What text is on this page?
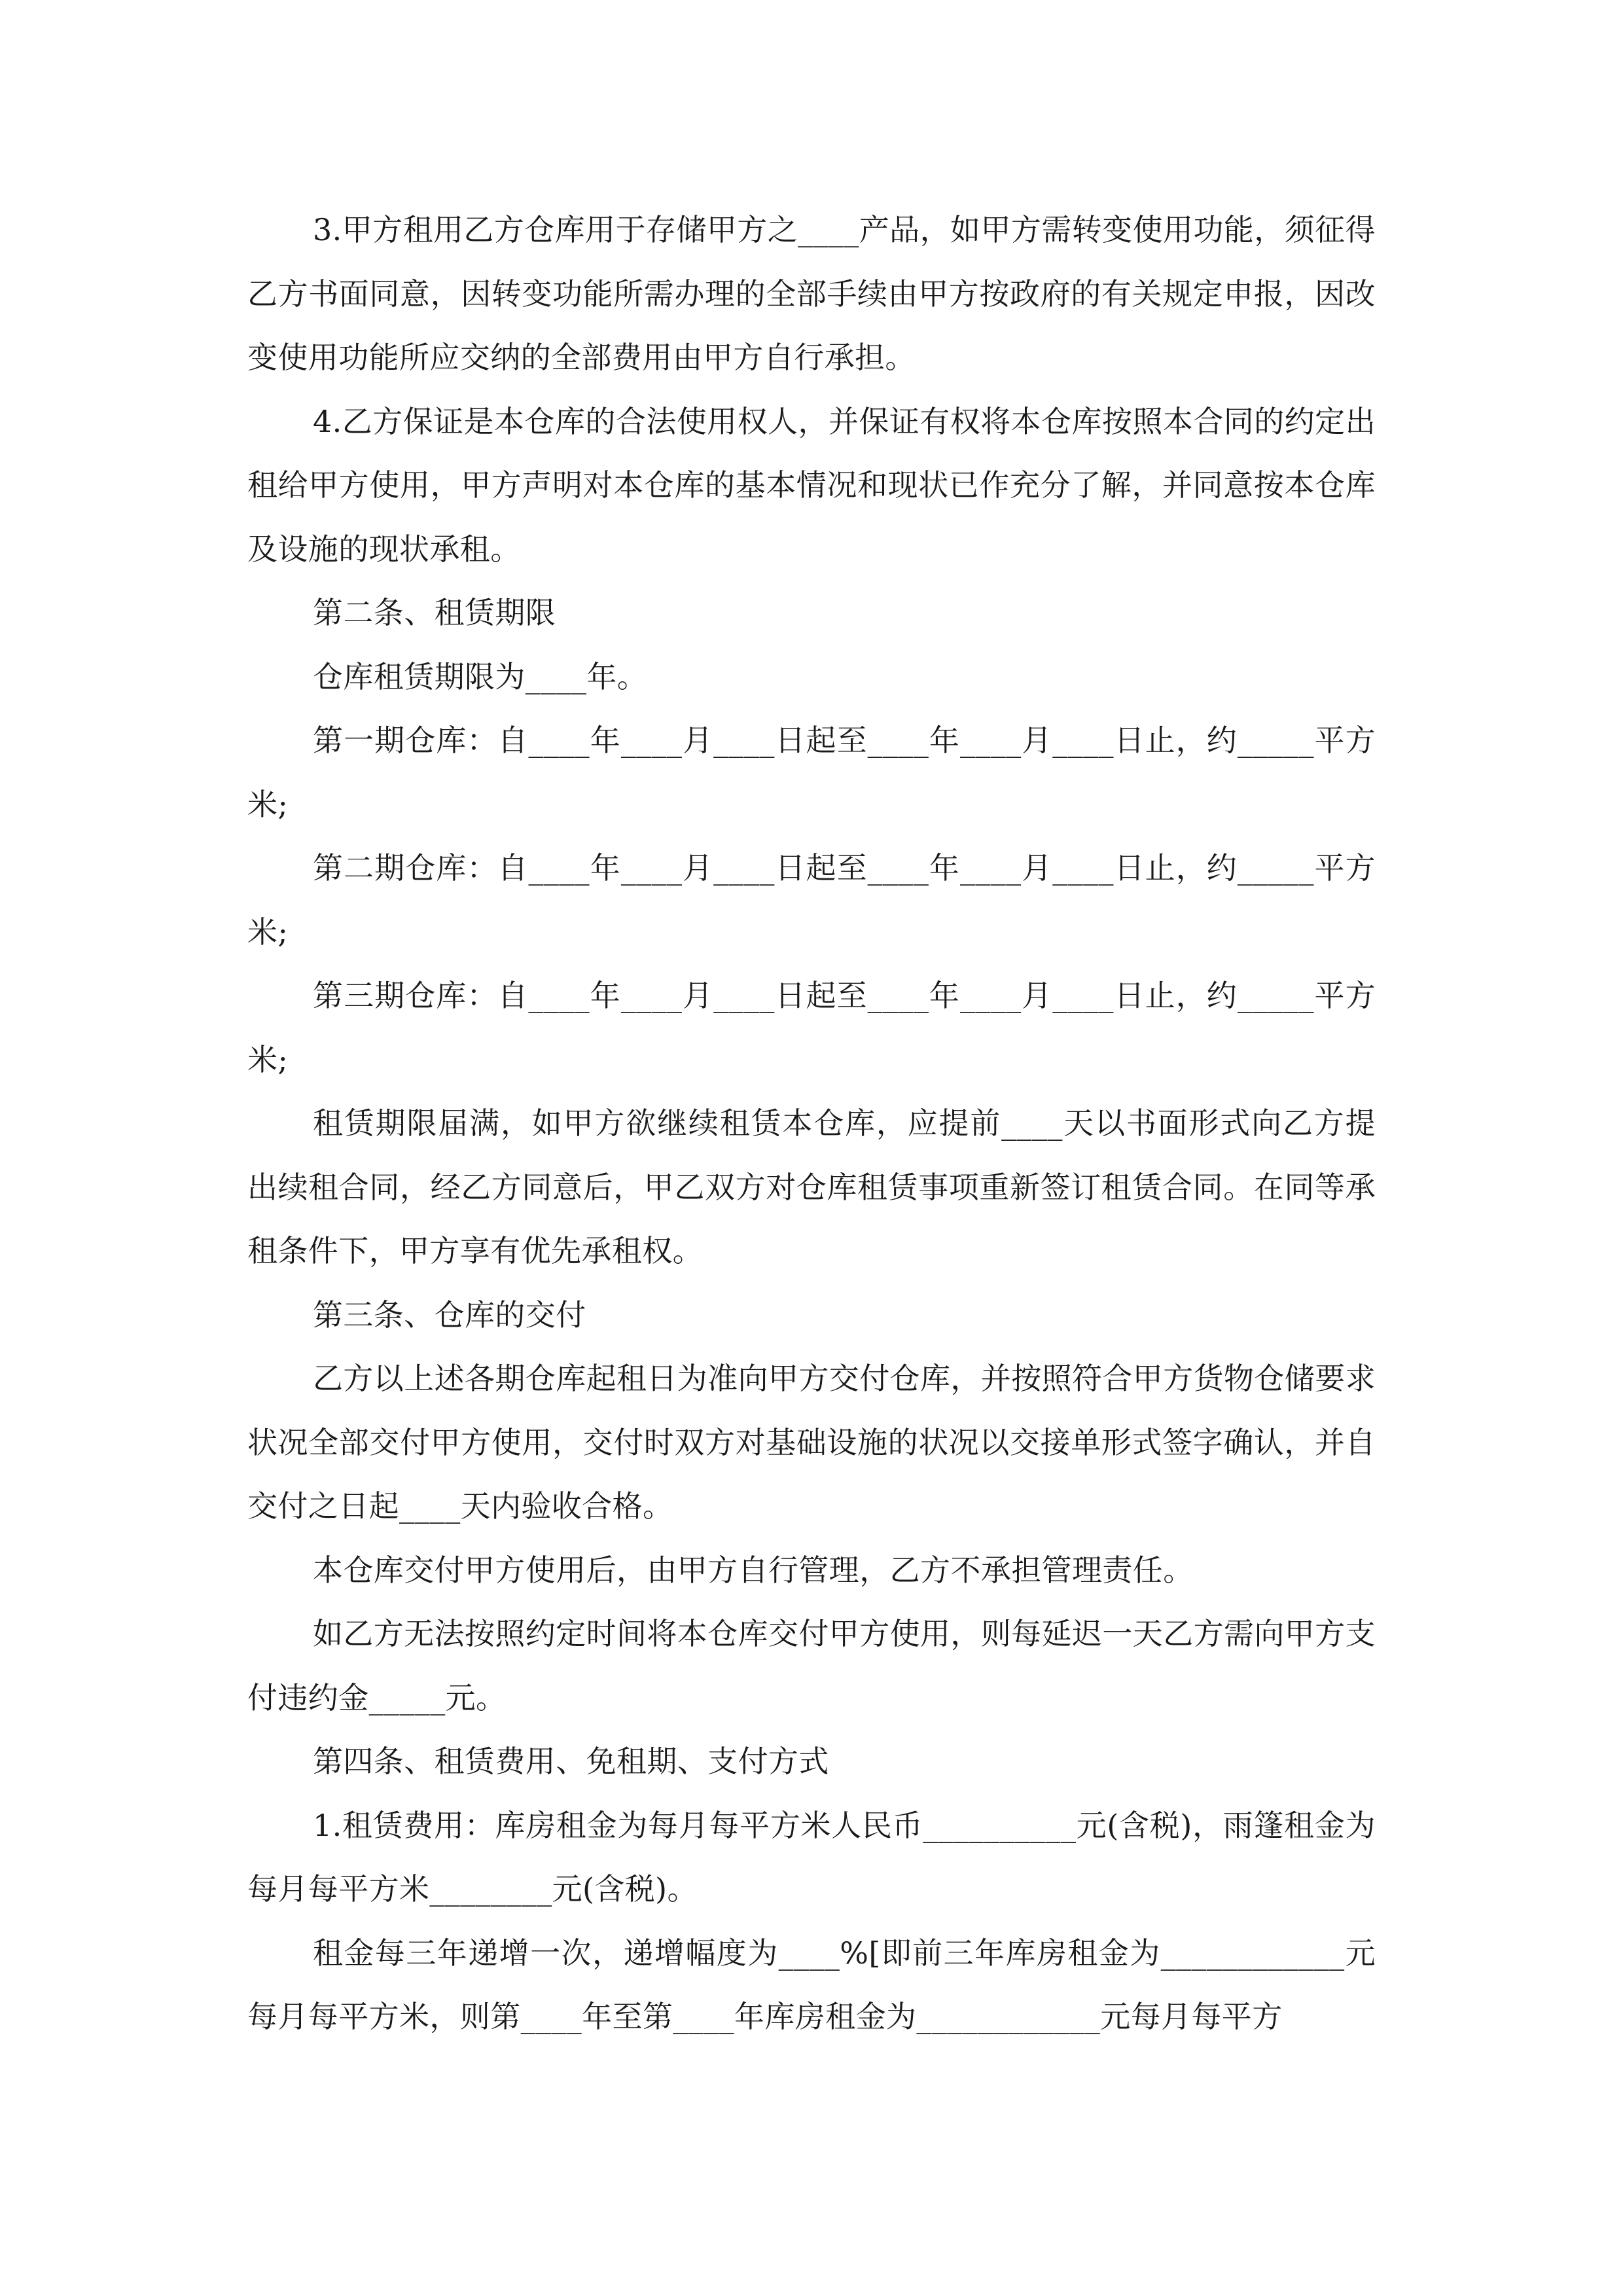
3.甲方租用乙方仓库用于存储甲方之____产品，如甲方需转变使用功能，须征得乙方书面同意，因转变功能所需办理的全部手续由甲方按政府的有关规定申报，因改变使用功能所应交纳的全部费用由甲方自行承担。

4.乙方保证是本仓库的合法使用权人，并保证有权将本仓库按照本合同的约定出租给甲方使用，甲方声明对本仓库的基本情况和现状已作充分了解，并同意按本仓库及设施的现状承租。

第二条、租赁期限

仓库租赁期限为____年。

第一期仓库：自____年____月____日起至____年____月____日止，约_____平方米;

第二期仓库：自____年____月____日起至____年____月____日止，约_____平方米;

第三期仓库：自____年____月____日起至____年____月____日止，约_____平方米;

租赁期限届满，如甲方欲继续租赁本仓库，应提前____天以书面形式向乙方提出续租合同，经乙方同意后，甲乙双方对仓库租赁事项重新签订租赁合同。在同等承租条件下，甲方享有优先承租权。

第三条、仓库的交付

乙方以上述各期仓库起租日为准向甲方交付仓库，并按照符合甲方货物仓储要求状况全部交付甲方使用，交付时双方对基础设施的状况以交接单形式签字确认，并自交付之日起____天内验收合格。

本仓库交付甲方使用后，由甲方自行管理，乙方不承担管理责任。

如乙方无法按照约定时间将本仓库交付甲方使用，则每延迟一天乙方需向甲方支付违约金_____元。

第四条、租赁费用、免租期、支付方式

1.租赁费用：库房租金为每月每平方米人民币__________元(含税)，雨篷租金为每月每平方米________元(含税)。

租金每三年递增一次，递增幅度为____%[即前三年库房租金为____________元每月每平方米，则第____年至第____年库房租金为____________元每月每平方
